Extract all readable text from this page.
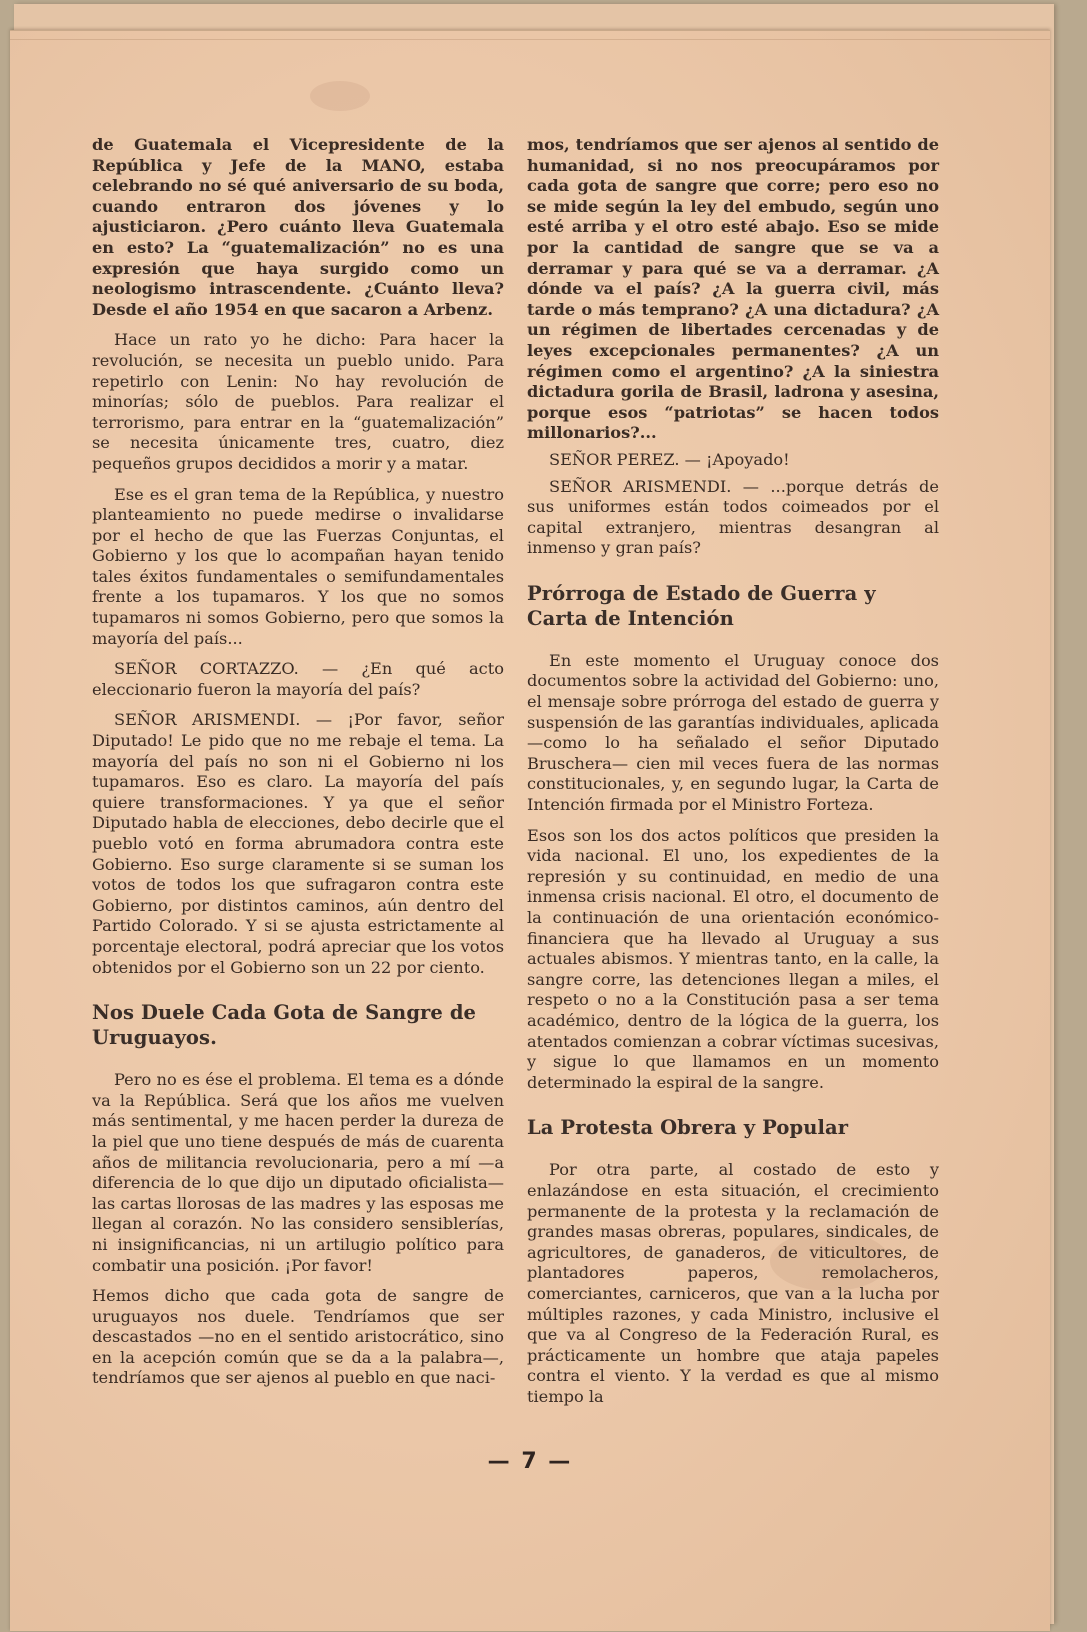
de Guatemala el Vicepresidente de la República y Jefe de la MANO, estaba celebrando no sé qué aniversario de su boda, cuando entraron dos jóvenes y lo ajusticiaron. ¿Pero cuánto lleva Guatemala en esto? La “guatemalización” no es una expresión que haya surgido como un neologismo intrascendente. ¿Cuánto lleva? Desde el año 1954 en que sacaron a Arbenz.

Hace un rato yo he dicho: Para hacer la revolución, se necesita un pueblo unido. Para repetirlo con Lenin: No hay revolución de minorías; sólo de pueblos. Para realizar el terrorismo, para entrar en la “guatemalización” se necesita únicamente tres, cuatro, diez pequeños grupos decididos a morir y a matar.

Ese es el gran tema de la República, y nuestro planteamiento no puede medirse o invalidarse por el hecho de que las Fuerzas Conjuntas, el Gobierno y los que lo acompañan hayan tenido tales éxitos fundamentales o semifundamentales frente a los tupamaros. Y los que no somos tupamaros ni somos Gobierno, pero que somos la mayoría del país...

SEÑOR CORTAZZO. — ¿En qué acto eleccionario fueron la mayoría del país?

SEÑOR ARISMENDI. — ¡Por favor, señor Diputado! Le pido que no me rebaje el tema. La mayoría del país no son ni el Gobierno ni los tupamaros. Eso es claro. La mayoría del país quiere transformaciones. Y ya que el señor Diputado habla de elecciones, debo decirle que el pueblo votó en forma abrumadora contra este Gobierno. Eso surge claramente si se suman los votos de todos los que sufragaron contra este Gobierno, por distintos caminos, aún dentro del Partido Colorado. Y si se ajusta estrictamente al porcentaje electoral, podrá apreciar que los votos obtenidos por el Gobierno son un 22 por ciento.

Nos Duele Cada Gota de Sangre de Uruguayos.

Pero no es ése el problema. El tema es a dónde va la República. Será que los años me vuelven más sentimental, y me hacen perder la dureza de la piel que uno tiene después de más de cuarenta años de militancia revolucionaria, pero a mí —a diferencia de lo que dijo un diputado oficialista— las cartas llorosas de las madres y las esposas me llegan al corazón. No las considero sensiblerías, ni insignificancias, ni un artilugio político para combatir una posición. ¡Por favor!

Hemos dicho que cada gota de sangre de uruguayos nos duele. Tendríamos que ser descastados —no en el sentido aristocrático, sino en la acepción común que se da a la palabra—, tendríamos que ser ajenos al pueblo en que naci-

mos, tendríamos que ser ajenos al sentido de humanidad, si no nos preocupáramos por cada gota de sangre que corre; pero eso no se mide según la ley del embudo, según uno esté arriba y el otro esté abajo. Eso se mide por la cantidad de sangre que se va a derramar y para qué se va a derramar. ¿A dónde va el país? ¿A la guerra civil, más tarde o más temprano? ¿A una dictadura? ¿A un régimen de libertades cercenadas y de leyes excepcionales permanentes? ¿A un régimen como el argentino? ¿A la siniestra dictadura gorila de Brasil, ladrona y asesina, porque esos “patriotas” se hacen todos millonarios?...

SEÑOR PEREZ. — ¡Apoyado!

SEÑOR ARISMENDI. — ...porque detrás de sus uniformes están todos coimeados por el capital extranjero, mientras desangran al inmenso y gran país?

Prórroga de Estado de Guerra y Carta de Intención

En este momento el Uruguay conoce dos documentos sobre la actividad del Gobierno: uno, el mensaje sobre prórroga del estado de guerra y suspensión de las garantías individuales, aplicada —como lo ha señalado el señor Diputado Bruschera— cien mil veces fuera de las normas constitucionales, y, en segundo lugar, la Carta de Intención firmada por el Ministro Forteza.

Esos son los dos actos políticos que presiden la vida nacional. El uno, los expedientes de la represión y su continuidad, en medio de una inmensa crisis nacional. El otro, el documento de la continuación de una orientación económico-financiera que ha llevado al Uruguay a sus actuales abismos. Y mientras tanto, en la calle, la sangre corre, las detenciones llegan a miles, el respeto o no a la Constitución pasa a ser tema académico, dentro de la lógica de la guerra, los atentados comienzan a cobrar víctimas sucesivas, y sigue lo que llamamos en un momento determinado la espiral de la sangre.

La Protesta Obrera y Popular

Por otra parte, al costado de esto y enlazándose en esta situación, el crecimiento permanente de la protesta y la reclamación de grandes masas obreras, populares, sindicales, de agricultores, de ganaderos, de viticultores, de plantadores paperos, remolacheros, comerciantes, carniceros, que van a la lucha por múltiples razones, y cada Ministro, inclusive el que va al Congreso de la Federación Rural, es prácticamente un hombre que ataja papeles contra el viento. Y la verdad es que al mismo tiempo la

— 7 —
